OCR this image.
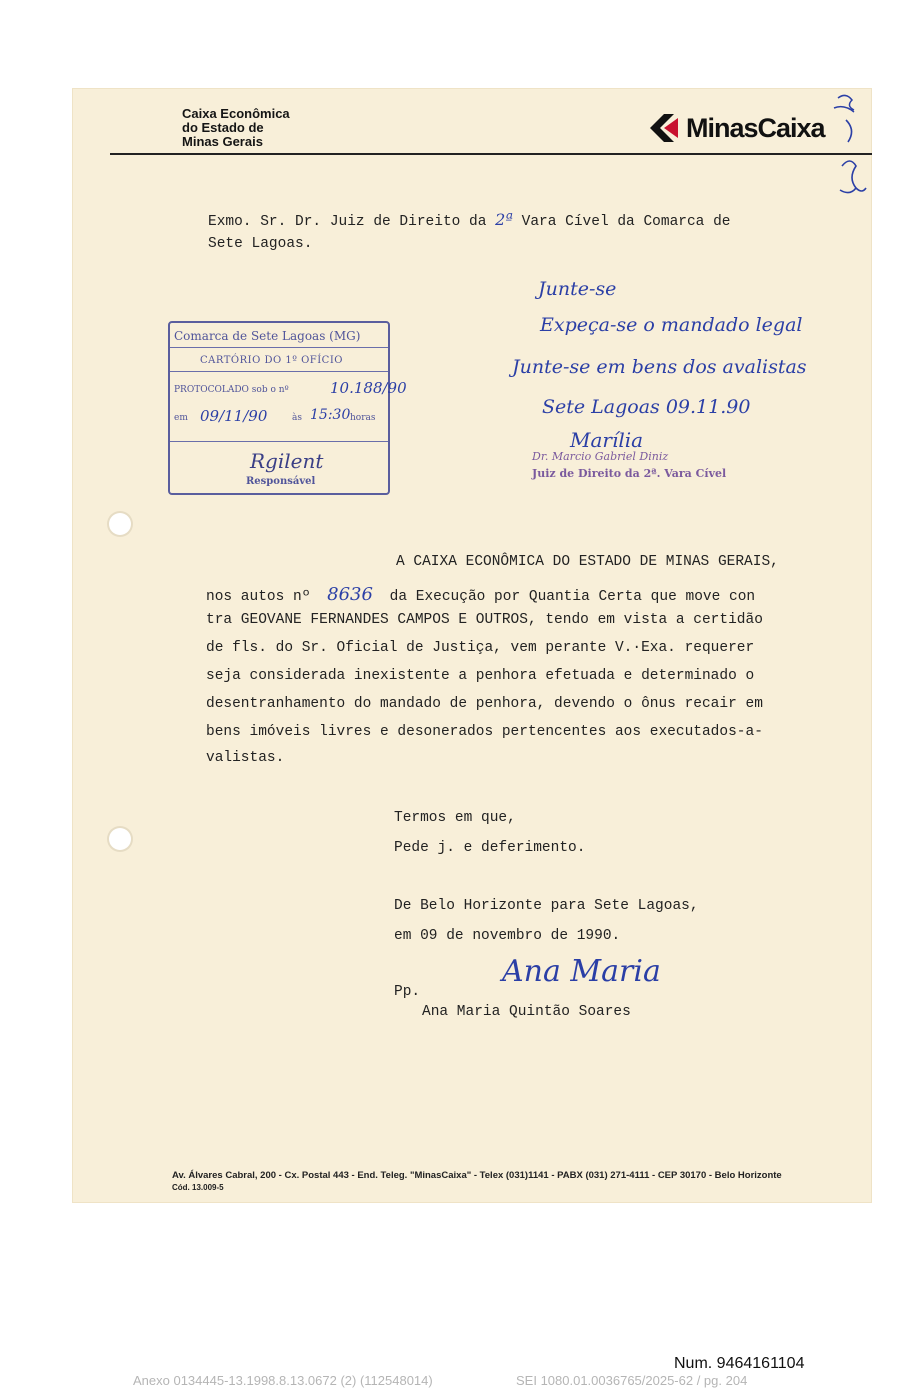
Caixa Econômica
do Estado de
Minas Gerais	MinasCaixa
Exmo. Sr. Dr. Juiz de Direito da 2ª Vara Cível da Comarca de
Sete Lagoas.
Comarca de Sete Lagoas (MG)
CARTÓRIO DO 1º OFÍCIO
PROTOCOLADO sob o nº	10.188/90
em 09/11/90	às 15:30 horas
Rgilent
Responsável
Junte-se
Expeça-se o mandado legal
Junte-se em bens dos avalistas
Sete Lagoas 09.11.90
Marília
Dr. Marcio Gabriel Diniz
Juiz de Direito da 2ª. Vara Cível
A CAIXA ECONÔMICA DO ESTADO DE MINAS GERAIS,
nos autos nº 8636 da Execução por Quantia Certa que move con
tra GEOVANE FERNANDES CAMPOS E OUTROS, tendo em vista a certidão
de fls. do Sr. Oficial de Justiça, vem perante V.·Exa. requerer
seja considerada inexistente a penhora efetuada e determinado o
desentranhamento do mandado de penhora, devendo o ônus recair em
bens imóveis livres e desonerados pertencentes aos executados-a-
valistas.
Termos em que,
Pede j. e deferimento.
De Belo Horizonte para Sete Lagoas,
em 09 de novembro de 1990.
Pp.
Ana Maria
Ana Maria Quintão Soares
Av. Álvares Cabral, 200 - Cx. Postal 443 - End. Teleg. "MinasCaixa" - Telex (031)1141 - PABX (031) 271-4111 - CEP 30170 - Belo Horizonte
Cód. 13.009-5
Num. 9464161104
Anexo 0134445-13.1998.8.13.0672 (2) (112548014)	SEI 1080.01.0036765/2025-62 / pg. 204
